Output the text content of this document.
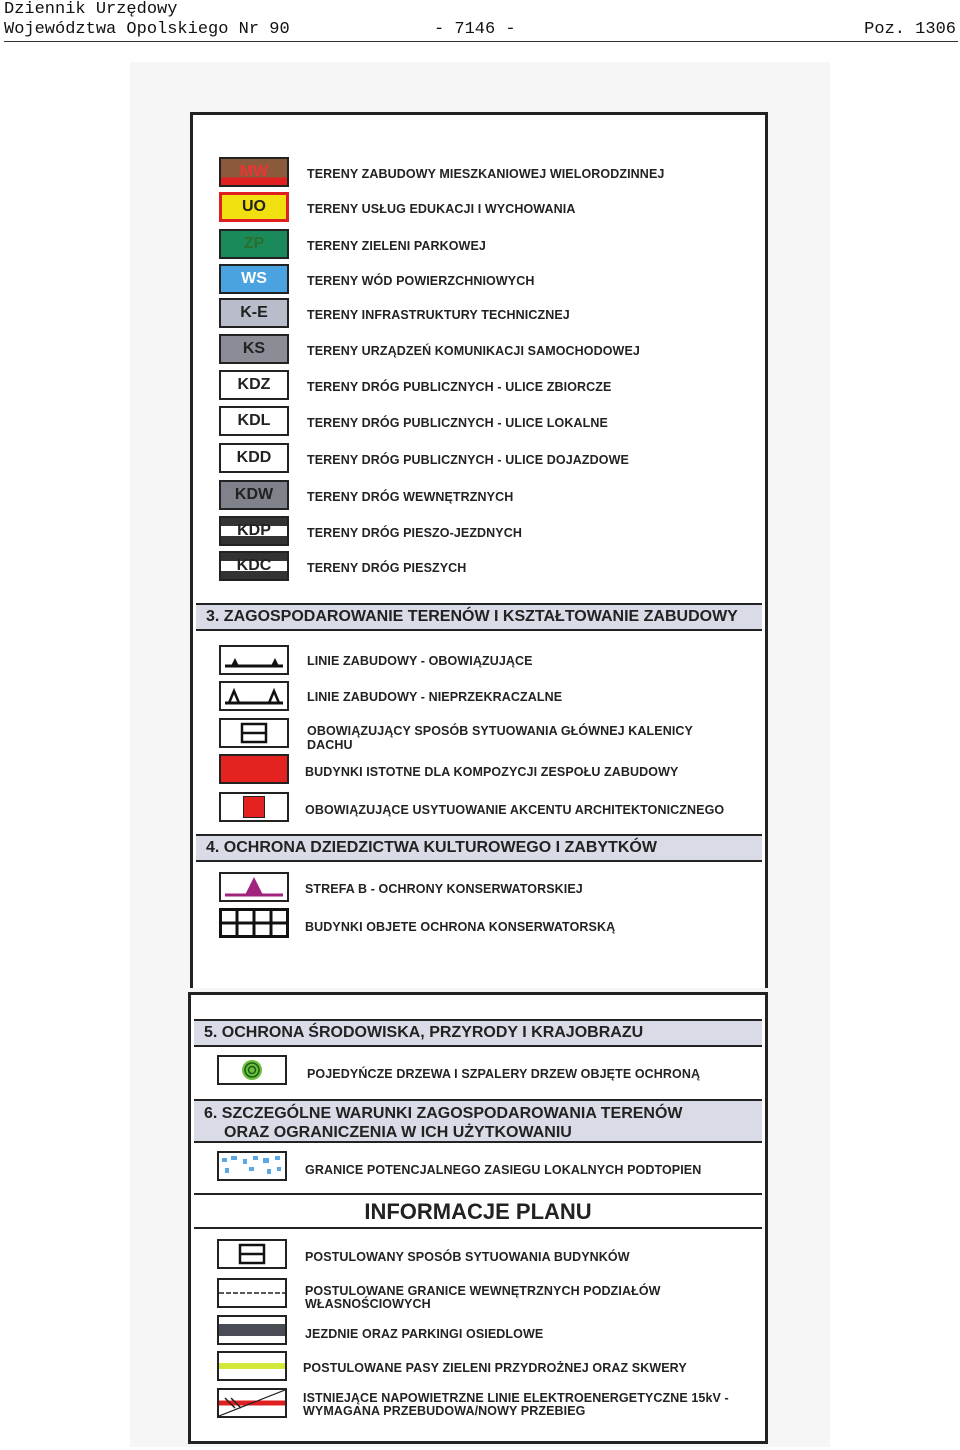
Dziennik Urzędowy
Województwa Opolskiego Nr 90	- 7146 -	Poz. 1306
MW	TERENY ZABUDOWY MIESZKANIOWEJ WIELORODZINNEJ
UO	TERENY USŁUG EDUKACJI I WYCHOWANIA
ZP	TERENY ZIELENI PARKOWEJ
WS	TERENY WÓD POWIERZCHNIOWYCH
K-E	TERENY INFRASTRUKTURY TECHNICZNEJ
KS	TERENY URZĄDZEŃ KOMUNIKACJI SAMOCHODOWEJ
KDZ	TERENY DRÓG PUBLICZNYCH - ULICE ZBIORCZE
KDL	TERENY DRÓG PUBLICZNYCH - ULICE LOKALNE
KDD	TERENY DRÓG PUBLICZNYCH - ULICE DOJAZDOWE
KDW	TERENY DRÓG WEWNĘTRZNYCH
KDP	TERENY DRÓG PIESZO-JEZDNYCH
KDC	TERENY DRÓG PIESZYCH
3. ZAGOSPODAROWANIE TERENÓW I KSZTAŁTOWANIE ZABUDOWY
LINIE ZABUDOWY - OBOWIĄZUJĄCE
LINIE ZABUDOWY - NIEPRZEKRACZALNE
OBOWIĄZUJĄCY SPOSÓB SYTUOWANIA GŁÓWNEJ KALENICY
DACHU
BUDYNKI ISTOTNE DLA KOMPOZYCJI ZESPOŁU ZABUDOWY
OBOWIĄZUJĄCE USYTUOWANIE AKCENTU ARCHITEKTONICZNEGO
4. OCHRONA DZIEDZICTWA KULTUROWEGO I ZABYTKÓW
STREFA B - OCHRONY KONSERWATORSKIEJ
BUDYNKI OBJETE OCHRONA KONSERWATORSKĄ
5. OCHRONA ŚRODOWISKA, PRZYRODY I KRAJOBRAZU
POJEDYŃCZE DRZEWA I SZPALERY DRZEW OBJĘTE OCHRONĄ
6. SZCZEGÓLNE WARUNKI ZAGOSPODAROWANIA TERENÓW
ORAZ OGRANICZENIA W ICH UŻYTKOWANIU
GRANICE POTENCJALNEGO ZASIEGU LOKALNYCH PODTOPIEN
INFORMACJE PLANU
POSTULOWANY SPOSÓB SYTUOWANIA BUDYNKÓW
POSTULOWANE GRANICE WEWNĘTRZNYCH PODZIAŁÓW
WŁASNOŚCIOWYCH
JEZDNIE ORAZ PARKINGI OSIEDLOWE
POSTULOWANE PASY ZIELENI PRZYDROŻNEJ ORAZ SKWERY
ISTNIEJĄCE NAPOWIETRZNE LINIE ELEKTROENERGETYCZNE 15kV -
WYMAGANA PRZEBUDOWA/NOWY PRZEBIEG
